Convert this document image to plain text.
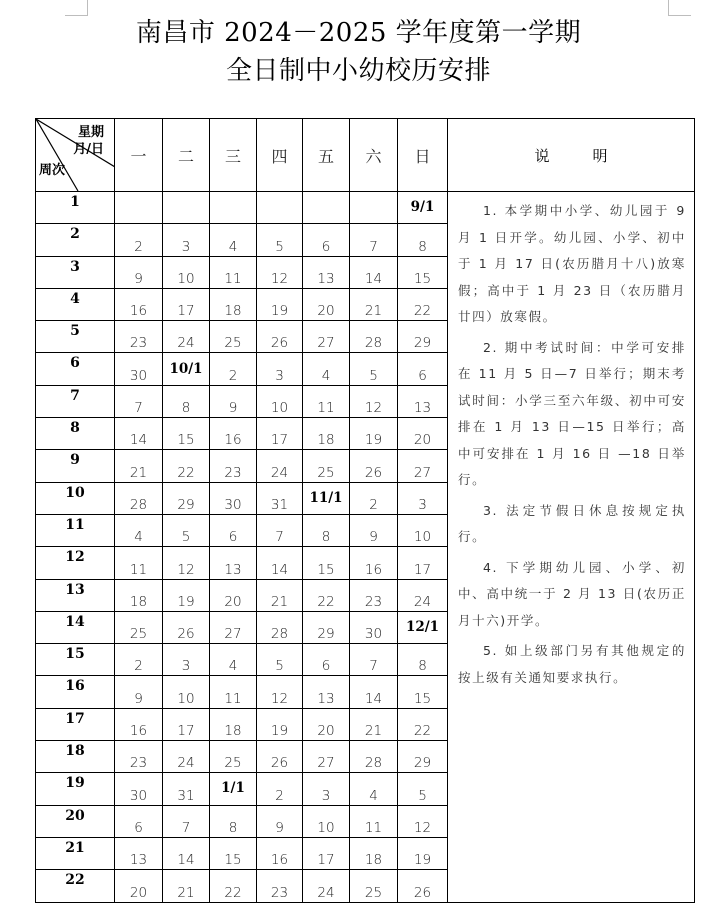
南昌市 2024－2025 学年度第一学期
全日制中小幼校历安排
星期
月/日
周次	一	二	三	四	五	六	日	说　明
1							9/1	1. 本学期中小学、幼儿园于 9 月 1 日开学。幼儿园、小学、初中于 1 月 17 日(农历腊月十八)放寒假；高中于 1 月 23 日（农历腊月廿四）放寒假。

2. 期中考试时间：中学可安排在 11 月 5 日—7 日举行；期末考试时间：小学三至六年级、初中可安排在 1 月 13 日—15 日举行；高中可安排在 1 月 16 日 —18 日举行。

3. 法定节假日休息按规定执行。

4. 下学期幼儿园、小学、初中、高中统一于 2 月 13 日(农历正月十六)开学。

5. 如上级部门另有其他规定的按上级有关通知要求执行。

2	2	3	4	5	6	7	8	
3	9	10	11	12	13	14	15	
4	16	17	18	19	20	21	22	
5	23	24	25	26	27	28	29	
6	30	10/1	2	3	4	5	6	
7	7	8	9	10	11	12	13	
8	14	15	16	17	18	19	20	
9	21	22	23	24	25	26	27	
10	28	29	30	31	11/1	2	3	
11	4	5	6	7	8	9	10	
12	11	12	13	14	15	16	17	
13	18	19	20	21	22	23	24	
14	25	26	27	28	29	30	12/1	
15	2	3	4	5	6	7	8	
16	9	10	11	12	13	14	15	
17	16	17	18	19	20	21	22	
18	23	24	25	26	27	28	29	
19	30	31	1/1	2	3	4	5	
20	6	7	8	9	10	11	12	
21	13	14	15	16	17	18	19	
22	20	21	22	23	24	25	26	
